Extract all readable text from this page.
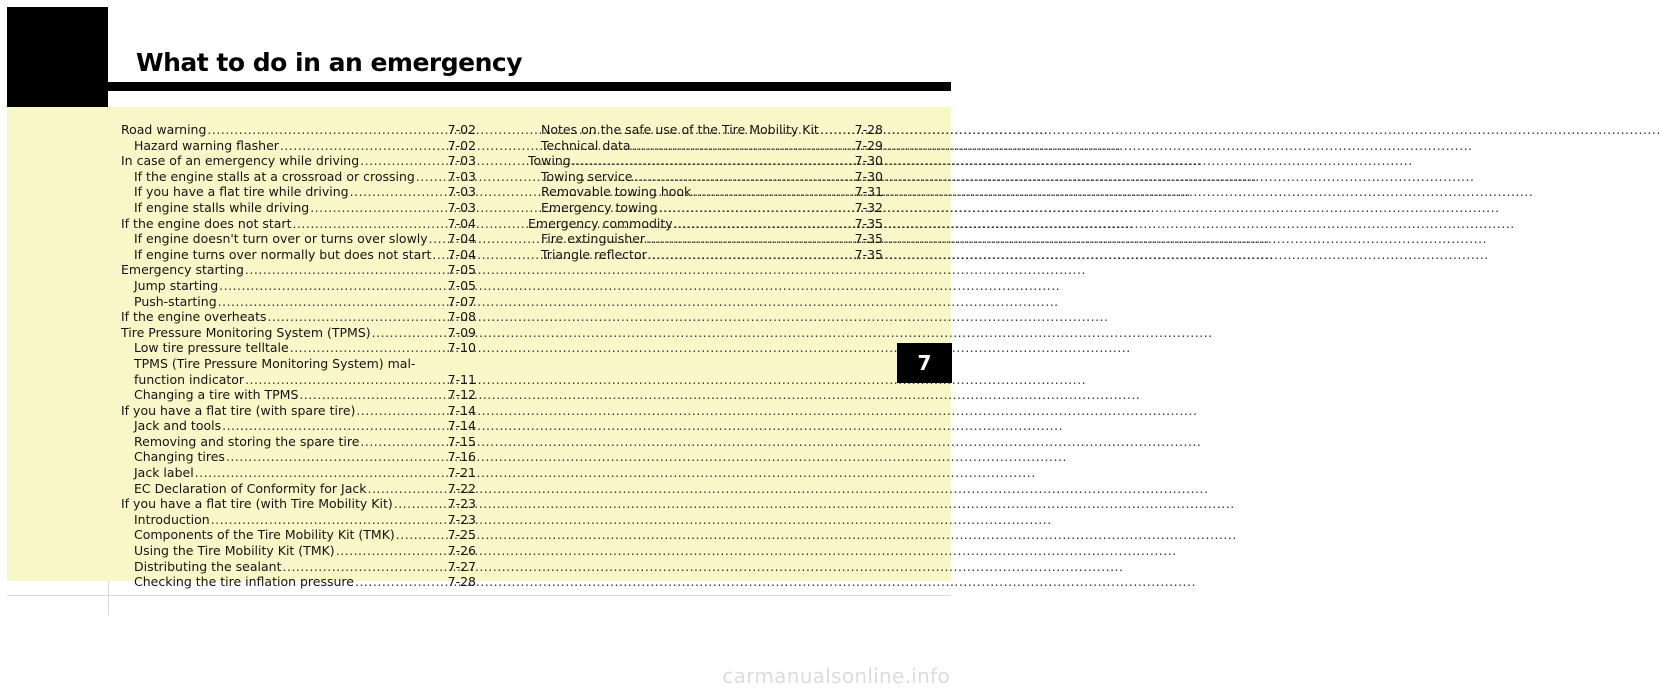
What to do in an emergency
Road warning .....	7-02
Hazard warning flasher .....	7-02
In case of an emergency while driving .....	7-03
If the engine stalls at a crossroad or crossing .....	7-03
If you have a flat tire while driving .....	7-03
If engine stalls while driving .....	7-03
If the engine does not start .....	7-04
If engine doesn't turn over or turns over slowly ..... 7-04
If engine turns over normally but does not start ..... 7-04
Emergency starting .....	7-05
Jump starting .....	7-05
Push-starting .....	7-07
If the engine overheats .....	7-08
Tire Pressure Monitoring System (TPMS) .....	7-09
Low tire pressure telltale .....	7-10
TPMS (Tire Pressure Monitoring System) mal-
function indicator .....	7-11
Changing a tire with TPMS .....	7-12
If you have a flat tire (with spare tire) .....	7-14
Jack and tools .....	7-14
Removing and storing the spare tire .....	7-15
Changing tires .....	7-16
Jack label .....	7-21
EC Declaration of Conformity for Jack .....	7-22
If you have a flat tire (with Tire Mobility Kit) .....	7-23
Introduction .....	7-23
Components of the Tire Mobility Kit (TMK) .....	7-25
Using the Tire Mobility Kit (TMK) .....	7-26
Distributing the sealant .....	7-27
Checking the tire inflation pressure .....	7-28
Notes on the safe use of the Tire Mobility Kit .....	7-28
Technical data .....	7-29
Towing .....	7-30
Towing service .....	7-30
Removable towing hook .....	7-31
Emergency towing .....	7-32
Emergency commodity .....	7-35
Fire extinguisher .....	7-35
Triangle reflector .....	7-35
7
carmanualsonline.info
